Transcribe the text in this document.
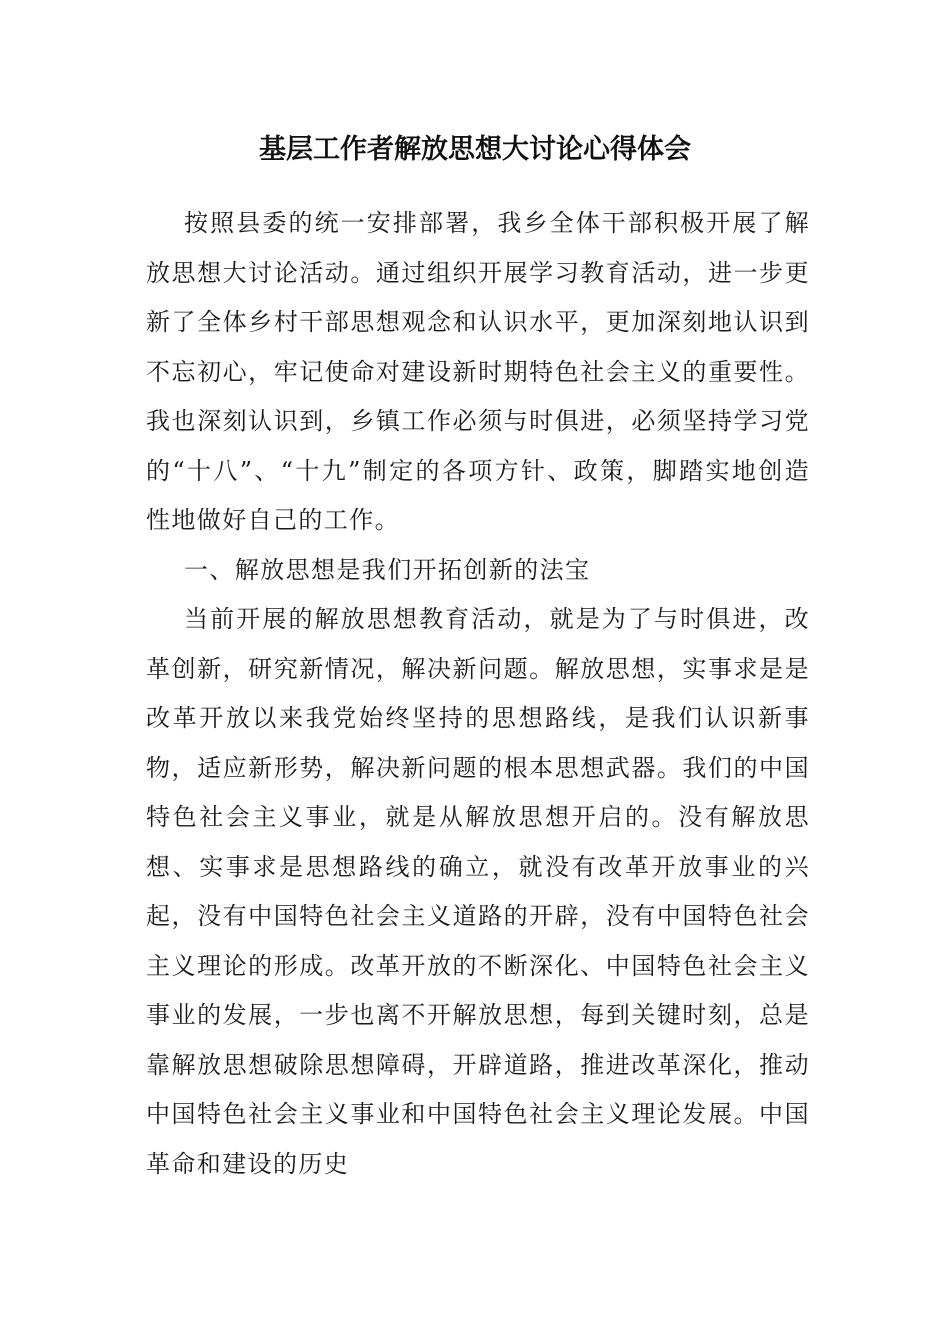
基层工作者解放思想大讨论心得体会

按照县委的统一安排部署，我乡全体干部积极开展了解放思想大讨论活动。通过组织开展学习教育活动，进一步更新了全体乡村干部思想观念和认识水平，更加深刻地认识到不忘初心，牢记使命对建设新时期特色社会主义的重要性。我也深刻认识到，乡镇工作必须与时俱进，必须坚持学习党的“十八”、“十九”制定的各项方针、政策，脚踏实地创造性地做好自己的工作。

一、解放思想是我们开拓创新的法宝

当前开展的解放思想教育活动，就是为了与时俱进，改革创新，研究新情况，解决新问题。解放思想，实事求是是改革开放以来我党始终坚持的思想路线，是我们认识新事物，适应新形势，解决新问题的根本思想武器。我们的中国特色社会主义事业，就是从解放思想开启的。没有解放思想、实事求是思想路线的确立，就没有改革开放事业的兴起，没有中国特色社会主义道路的开辟，没有中国特色社会主义理论的形成。改革开放的不断深化、中国特色社会主义事业的发展，一步也离不开解放思想，每到关键时刻，总是靠解放思想破除思想障碍，开辟道路，推进改革深化，推动中国特色社会主义事业和中国特色社会主义理论发展。中国革命和建设的历史
